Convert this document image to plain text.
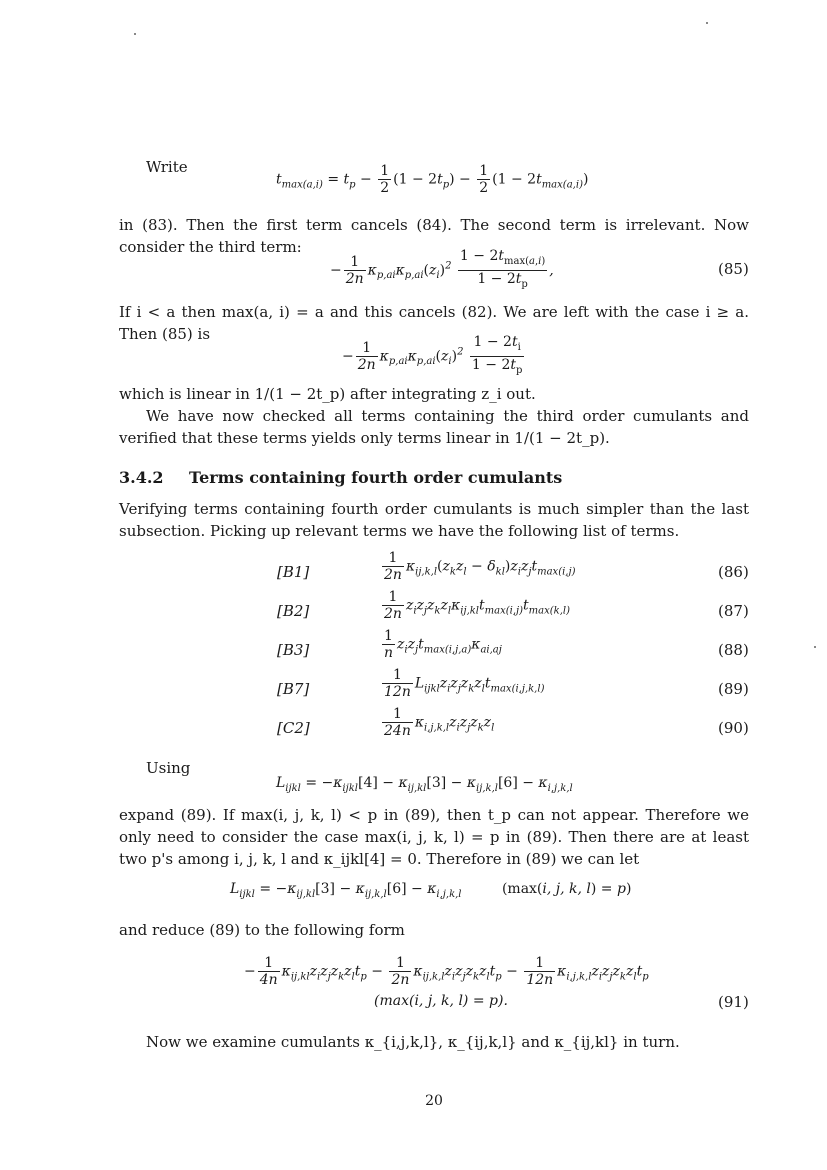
Write
$t_{max(a,i)} = t_p - \frac{1}{2} (1 - 2t_p) - \frac{1}{2} (1 - 2t_{max(a,i)})$
in (83). Then the first term cancels (84). The second term is irrelevant. Now consider the third term:
− $\frac{1}{2n} \kappa_{p,ai}\kappa_{p,ai}(z_i)^2 \frac{1 - 2t_{max(a,i)}}{1 - 2t_p}$ ,	(85)
If i < a then max(a, i) = a and this cancels (82). We are left with the case i ≥ a. Then (85) is
− $\frac{1}{2n} \kappa_{p,ai}\kappa_{p,ai}(z_i)^2 \frac{1 - 2t_i}{1 - 2t_p}$
which is linear in 1/(1 − 2t_p) after integrating z_i out.
We have now checked all terms containing the third order cumulants and verified that these terms yields only terms linear in 1/(1 − 2t_p).
3.4.2 Terms containing fourth order cumulants
Verifying terms containing fourth order cumulants is much simpler than the last subsection. Picking up relevant terms we have the following list of terms.
[B1]	$\frac{1}{2n} \kappa_{ij,k,l}(z_kz_l - \delta_{kl})z_iz_jt_{max(i,j)}$	(86)
[B2]	$\frac{1}{2n} z_iz_jz_kz_l\kappa_{ij,kl}t_{max(i,j)}t_{max(k,l)}$	(87)
[B3]	$\frac{1}{n} z_iz_jt_{max(i,j,a)}\kappa_{ai,aj}$	(88)
[B7]	$\frac{1}{12n} L_{ijkl}z_iz_jz_kz_lt_{max(i,j,k,l)}$	(89)
[C2]	$\frac{1}{24n} \kappa_{i,j,k,l}z_iz_jz_kz_l$	(90)
Using
$L_{ijkl} = -\kappa_{ijkl}[4] - \kappa_{ij,kl}[3] - \kappa_{ij,k,l}[6] - \kappa_{i,j,k,l}$
expand (89). If max(i, j, k, l) < p in (89), then t_p can not appear. Therefore we only need to consider the case max(i, j, k, l) = p in (89). Then there are at least two p's among i, j, k, l and κ_ijkl[4] = 0. Therefore in (89) we can let
$L_{ijkl} = -\kappa_{ij,kl}[3] - \kappa_{ij,k,l}[6] - \kappa_{i,j,k,l}$	(max(i, j, k, l) = p)
and reduce (89) to the following form
− $\frac{1}{4n} \kappa_{ij,kl}z_iz_jz_kz_lt_p - \frac{1}{2n} \kappa_{ij,k,l}z_iz_jz_kz_lt_p - \frac{1}{12n} \kappa_{i,j,k,l}z_iz_jz_kz_lt_p$
(max(i, j, k, l) = p).	(91)
Now we examine cumulants κ_{i,j,k,l}, κ_{ij,k,l} and κ_{ij,kl} in turn.
20
